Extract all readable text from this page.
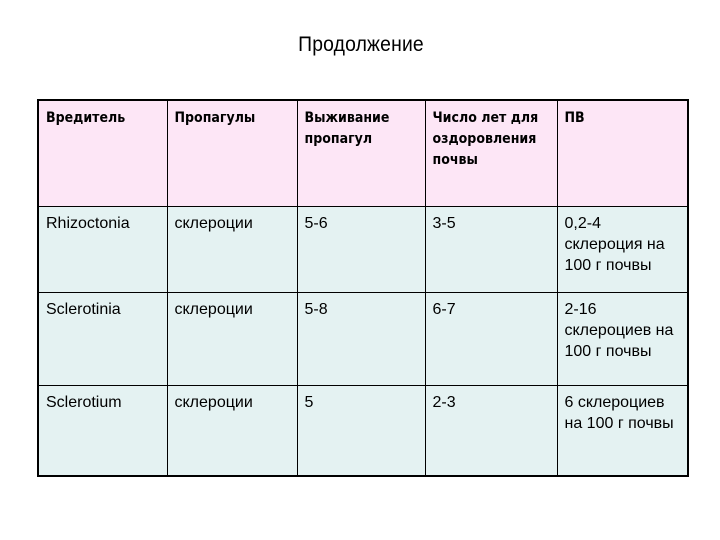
Продолжение
Вредитель	Пропагулы	Выживание пропагул	Число лет для оздоровления почвы	ПВ
Rhizoctonia	склероции	5-6	3-5	0,2-4 склероция на 100 г почвы
Sclerotinia	склероции	5-8	6-7	2-16 склероциев на 100 г почвы
Sclerotium	склероции	5	2-3	6 склероциев на 100 г почвы
